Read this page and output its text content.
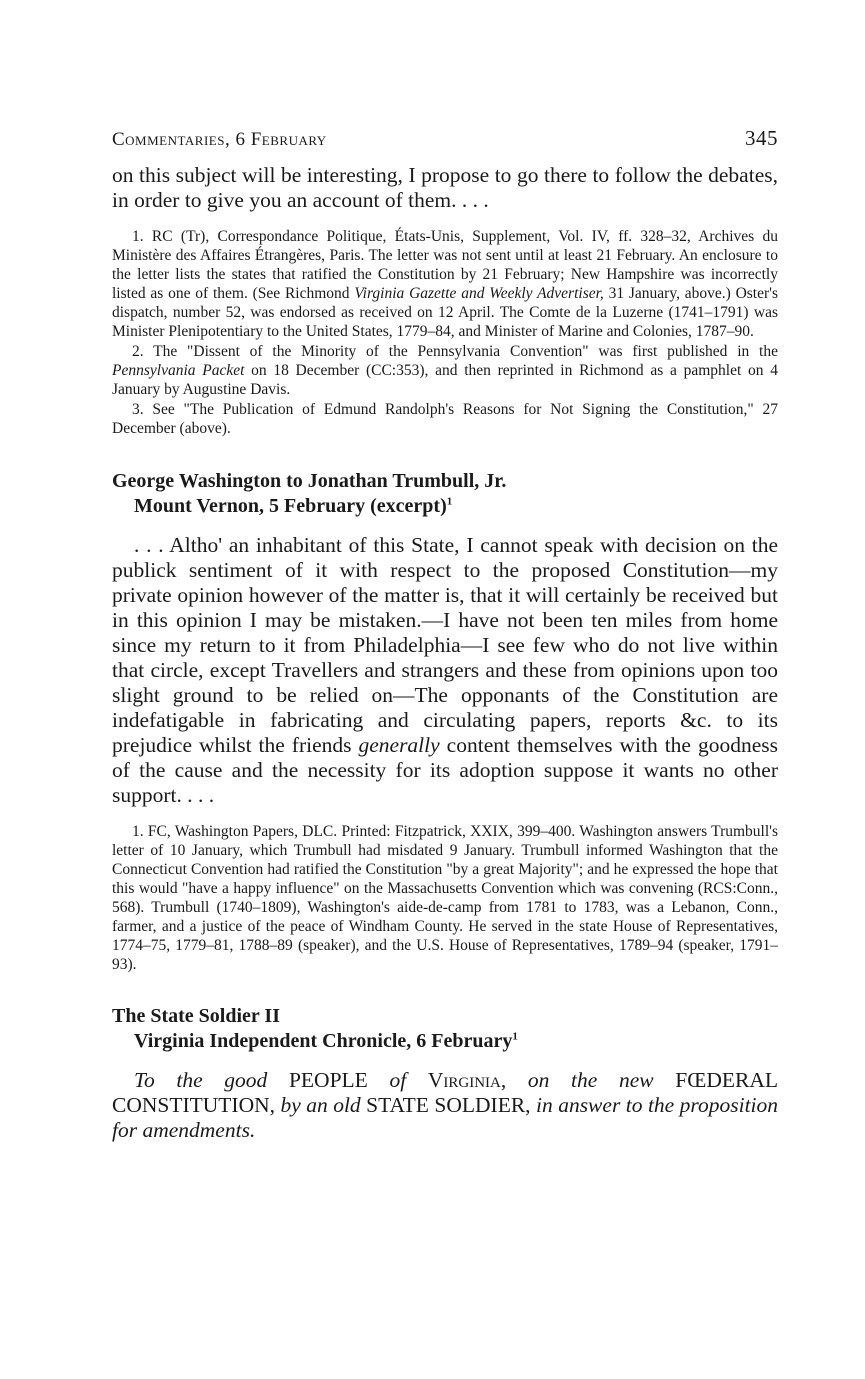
Commentaries, 6 February	345

on this subject will be interesting, I propose to go there to follow the debates, in order to give you an account of them. . . .

1. RC (Tr), Correspondance Politique, États-Unis, Supplement, Vol. IV, ff. 328–32, Archives du Ministère des Affaires Étrangères, Paris. The letter was not sent until at least 21 February. An enclosure to the letter lists the states that ratified the Constitution by 21 February; New Hampshire was incorrectly listed as one of them. (See Richmond Virginia Gazette and Weekly Advertiser, 31 January, above.) Oster's dispatch, number 52, was endorsed as received on 12 April. The Comte de la Luzerne (1741–1791) was Minister Plenipotentiary to the United States, 1779–84, and Minister of Marine and Colonies, 1787–90.

2. The "Dissent of the Minority of the Pennsylvania Convention" was first published in the Pennsylvania Packet on 18 December (CC:353), and then reprinted in Richmond as a pamphlet on 4 January by Augustine Davis.

3. See "The Publication of Edmund Randolph's Reasons for Not Signing the Constitution," 27 December (above).

George Washington to Jonathan Trumbull, Jr.
Mount Vernon, 5 February (excerpt)$^1$

. . . Altho' an inhabitant of this State, I cannot speak with decision on the publick sentiment of it with respect to the proposed Constitution—my private opinion however of the matter is, that it will certainly be received but in this opinion I may be mistaken.—I have not been ten miles from home since my return to it from Philadelphia—I see few who do not live within that circle, except Travellers and strangers and these from opinions upon too slight ground to be relied on—The opponants of the Constitution are indefatigable in fabricating and circulating papers, reports &c. to its prejudice whilst the friends generally content themselves with the goodness of the cause and the necessity for its adoption suppose it wants no other support. . . .

1. FC, Washington Papers, DLC. Printed: Fitzpatrick, XXIX, 399–400. Washington answers Trumbull's letter of 10 January, which Trumbull had misdated 9 January. Trumbull informed Washington that the Connecticut Convention had ratified the Constitution "by a great Majority"; and he expressed the hope that this would "have a happy influence" on the Massachusetts Convention which was convening (RCS:Conn., 568). Trumbull (1740–1809), Washington's aide-de-camp from 1781 to 1783, was a Lebanon, Conn., farmer, and a justice of the peace of Windham County. He served in the state House of Representatives, 1774–75, 1779–81, 1788–89 (speaker), and the U.S. House of Representatives, 1789–94 (speaker, 1791–93).

The State Soldier II
Virginia Independent Chronicle, 6 February$^1$

To the good PEOPLE of Virginia, on the new FŒDERAL CONSTITUTION, by an old STATE SOLDIER, in answer to the proposition for amendments.
